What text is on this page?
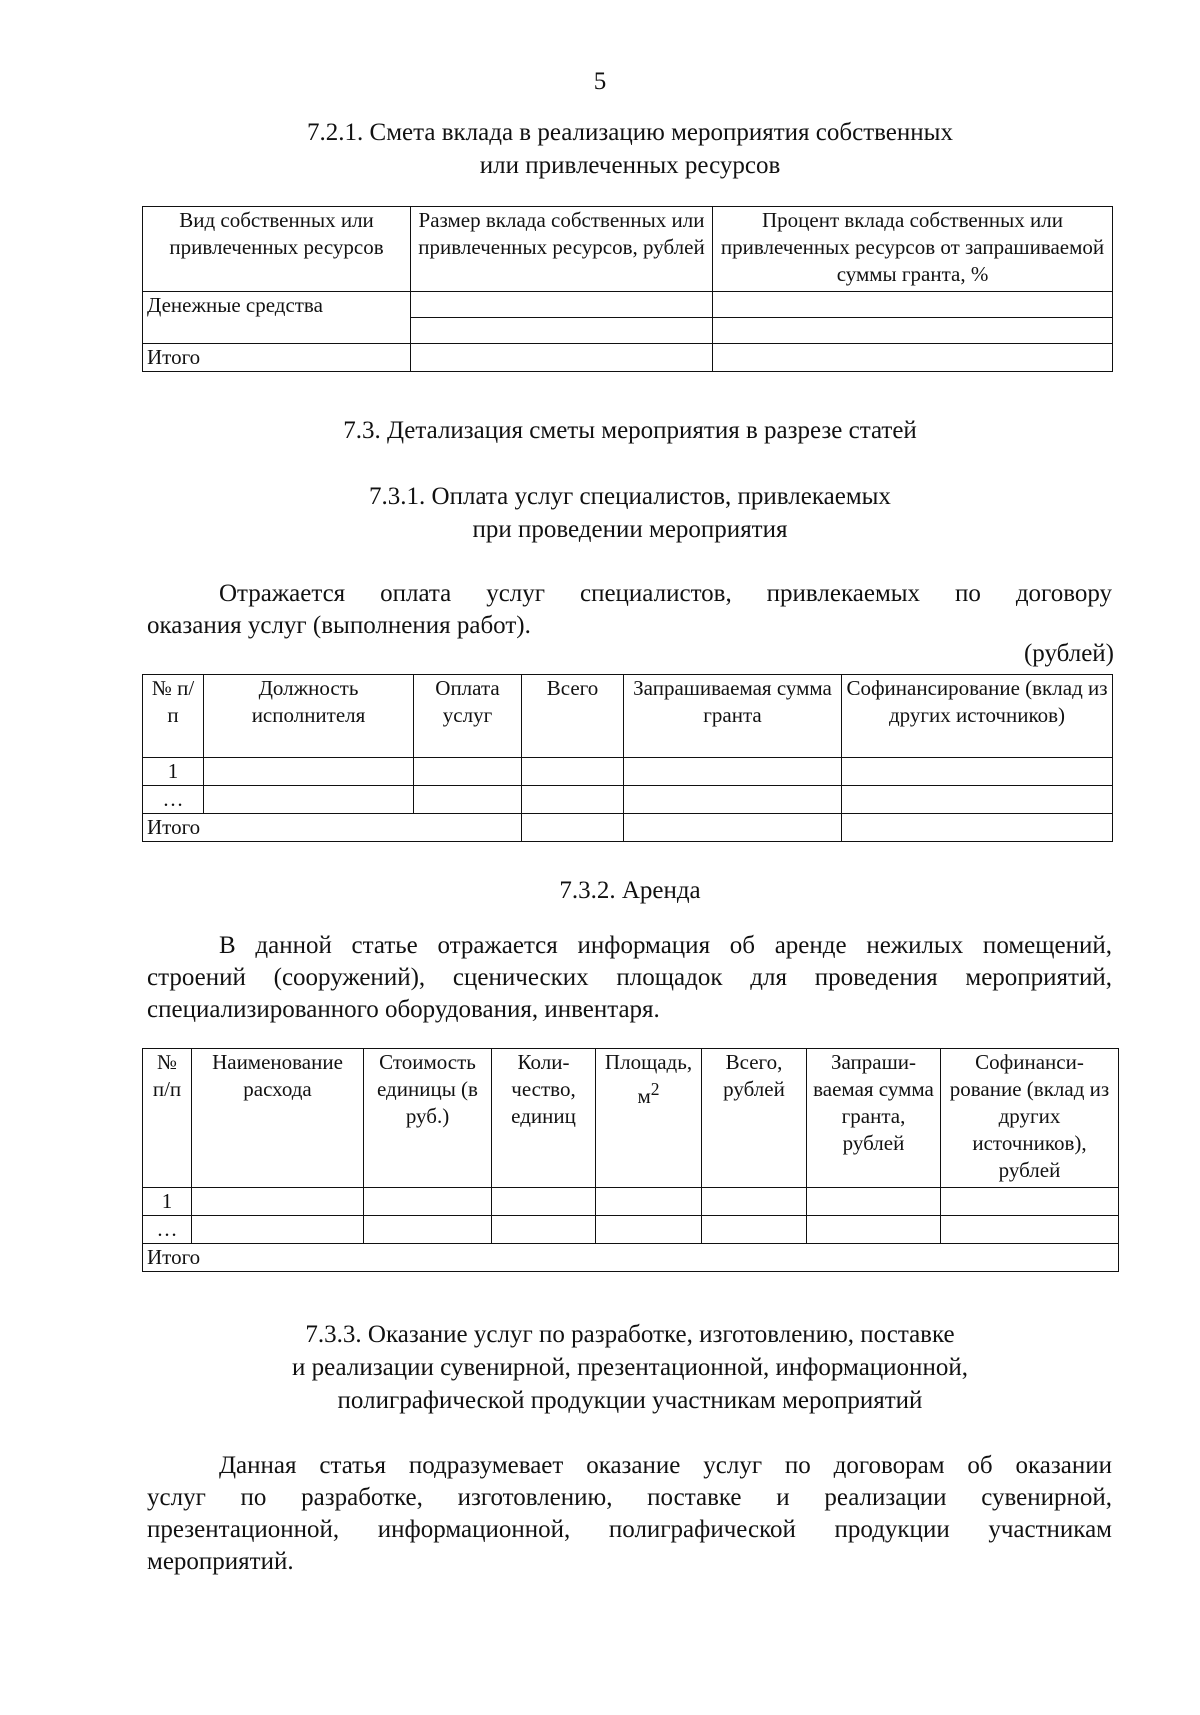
5
7.2.1. Смета вклада в реализацию мероприятия собственных
или привлеченных ресурсов
Вид собственных или привлеченных ресурсов	Размер вклада собственных или привлеченных ресурсов, рублей	Процент вклада собственных или привлеченных ресурсов от запрашиваемой суммы гранта, %
Денежные средства		

Итого		
7.3. Детализация сметы мероприятия в разрезе статей
7.3.1. Оплата услуг специалистов, привлекаемых
при проведении мероприятия

Отражается оплата услуг специалистов, привлекаемых по договору
оказания услуг (выполнения работ).

(рублей)
№ п/п	Должность исполнителя	Оплата услуг	Всего	Запрашиваемая сумма гранта	Софинансирование (вклад из других источников)
1					
…					
Итого					
7.3.2. Аренда

В данной статье отражается информация об аренде нежилых помещений,
строений (сооружений), сценических площадок для проведения мероприятий,
специализированного оборудования, инвентаря.

№ п/п	Наименование расхода	Стоимость единицы (в руб.)	Коли-чество, единиц	Площадь, $м^2$	Всего, рублей	Запраши-ваемая сумма гранта, рублей	Софинанси-рование (вклад из других источников), рублей
1							
…							
Итого							
7.3.3. Оказание услуг по разработке, изготовлению, поставке
и реализации сувенирной, презентационной, информационной,
полиграфической продукции участникам мероприятий

Данная статья подразумевает оказание услуг по договорам об оказании
услуг по разработке, изготовлению, поставке и реализации сувенирной,
презентационной, информационной, полиграфической продукции участникам
мероприятий.
